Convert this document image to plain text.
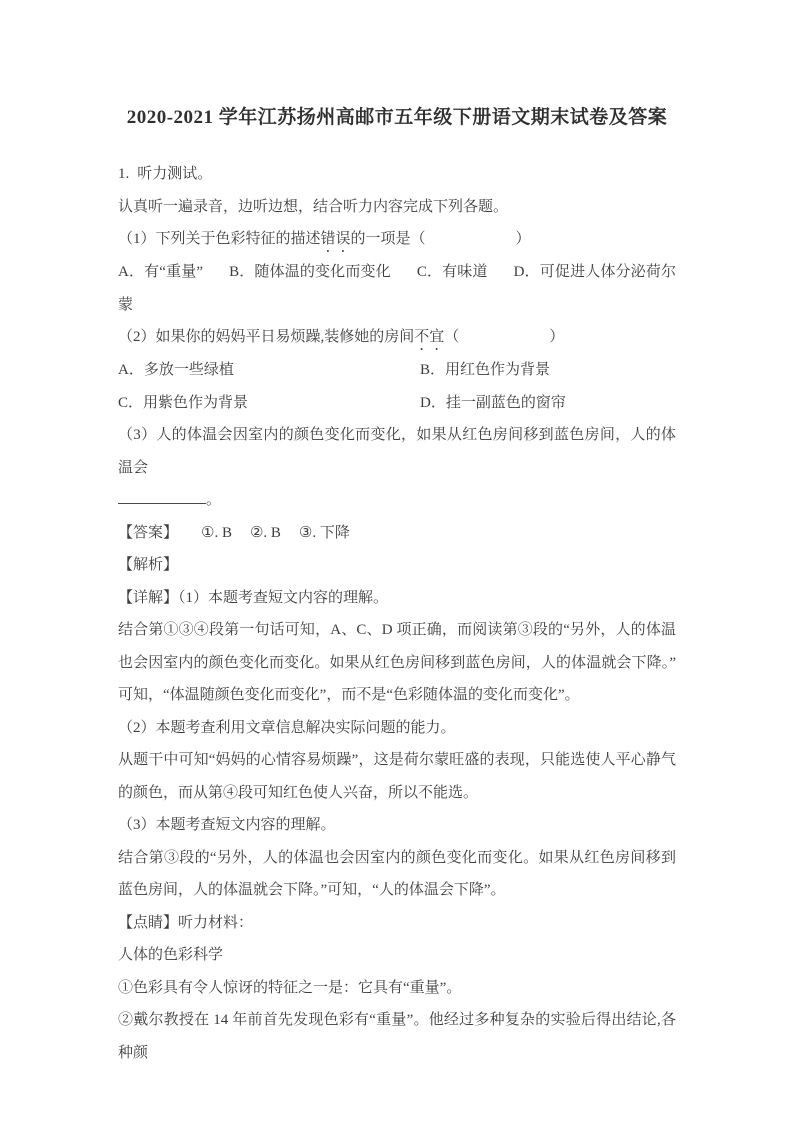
2020-2021 学年江苏扬州高邮市五年级下册语文期末试卷及答案

1. 听力测试。

认真听一遍录音，边听边想，结合听力内容完成下列各题。

（1）下列关于色彩特征的描述错误的一项是（　　　　　　）

A．有“重量” B．随体温的变化而变化 C．有味道 D．可促进人体分泌荷尔蒙

（2）如果你的妈妈平日易烦躁,装修她的房间不宜（　　　　　　）

A．多放一些绿植	B．用红色作为背景
C．用紫色作为背景	D．挂一副蓝色的窗帘

（3）人的体温会因室内的颜色变化而变化，如果从红色房间移到蓝色房间，人的体温会

。

【答案】 ①. B ②. B ③. 下降

【解析】

【详解】（1）本题考查短文内容的理解。

结合第①③④段第一句话可知，A、C、D 项正确，而阅读第③段的“另外，人的体温也会因室内的颜色变化而变化。如果从红色房间移到蓝色房间，人的体温就会下降。”可知，“体温随颜色变化而变化”，而不是“色彩随体温的变化而变化”。

（2）本题考查利用文章信息解决实际问题的能力。

从题干中可知“妈妈的心情容易烦躁”，这是荷尔蒙旺盛的表现，只能选使人平心静气的颜色，而从第④段可知红色使人兴奋，所以不能选。

（3）本题考查短文内容的理解。

结合第③段的“另外，人的体温也会因室内的颜色变化而变化。如果从红色房间移到蓝色房间，人的体温就会下降。”可知，“人的体温会下降”。

【点睛】听力材料：

人体的色彩科学

①色彩具有令人惊讶的特征之一是：它具有“重量”。

②戴尔教授在 14 年前首先发现色彩有“重量”。他经过多种复杂的实验后得出结论,各种颜
